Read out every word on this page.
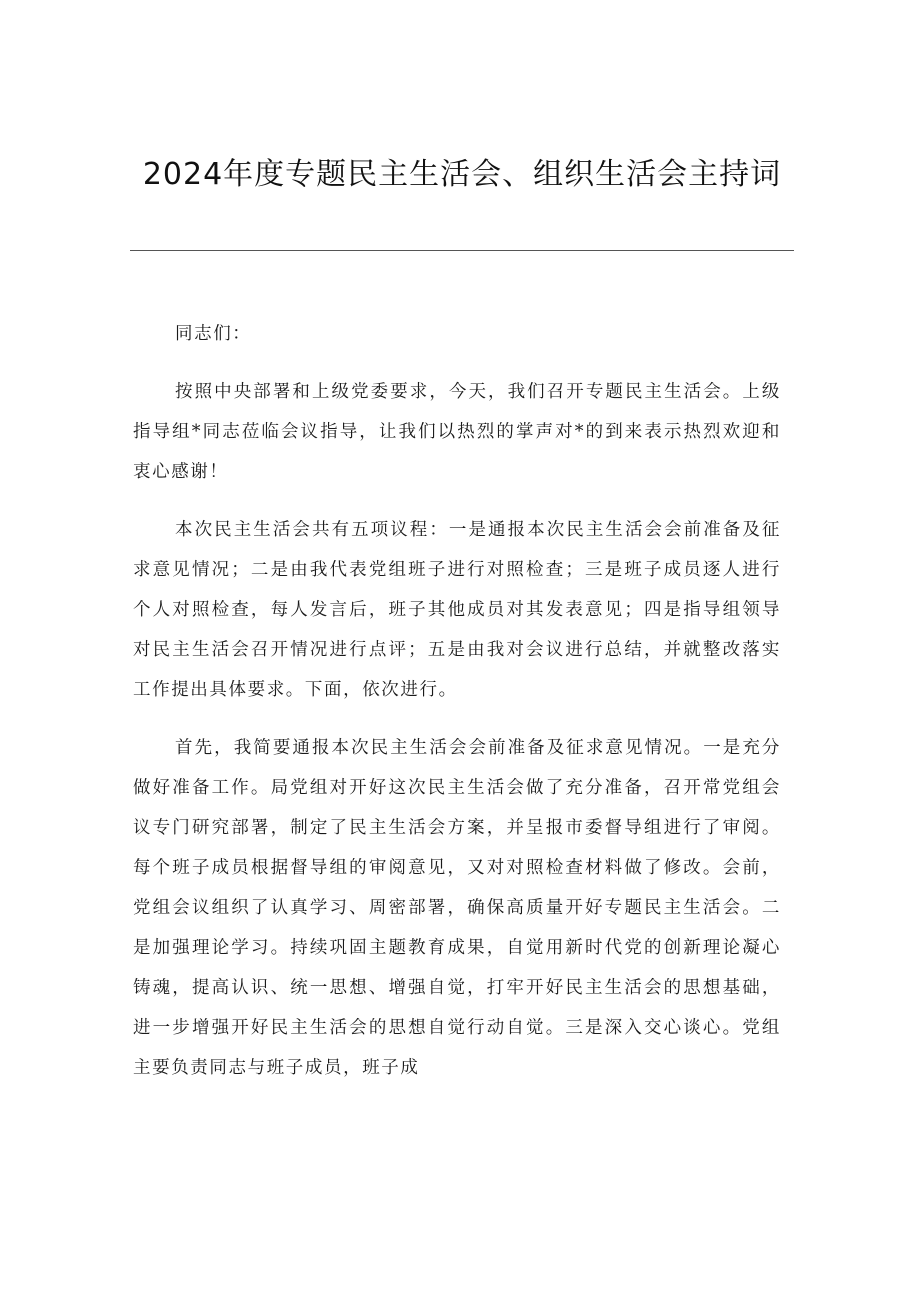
2024年度专题民主生活会、组织生活会主持词

同志们：

按照中央部署和上级党委要求，今天，我们召开专题民主生活会。上级指导组*同志莅临会议指导，让我们以热烈的掌声对*的到来表示热烈欢迎和衷心感谢！

本次民主生活会共有五项议程：一是通报本次民主生活会会前准备及征求意见情况；二是由我代表党组班子进行对照检查；三是班子成员逐人进行个人对照检查，每人发言后，班子其他成员对其发表意见；四是指导组领导对民主生活会召开情况进行点评；五是由我对会议进行总结，并就整改落实工作提出具体要求。下面，依次进行。

首先，我简要通报本次民主生活会会前准备及征求意见情况。一是充分做好准备工作。局党组对开好这次民主生活会做了充分准备，召开常党组会议专门研究部署，制定了民主生活会方案，并呈报市委督导组进行了审阅。每个班子成员根据督导组的审阅意见，又对对照检查材料做了修改。会前，党组会议组织了认真学习、周密部署，确保高质量开好专题民主生活会。二是加强理论学习。持续巩固主题教育成果，自觉用新时代党的创新理论凝心铸魂，提高认识、统一思想、增强自觉，打牢开好民主生活会的思想基础，进一步增强开好民主生活会的思想自觉行动自觉。三是深入交心谈心。党组主要负责同志与班子成员，班子成
